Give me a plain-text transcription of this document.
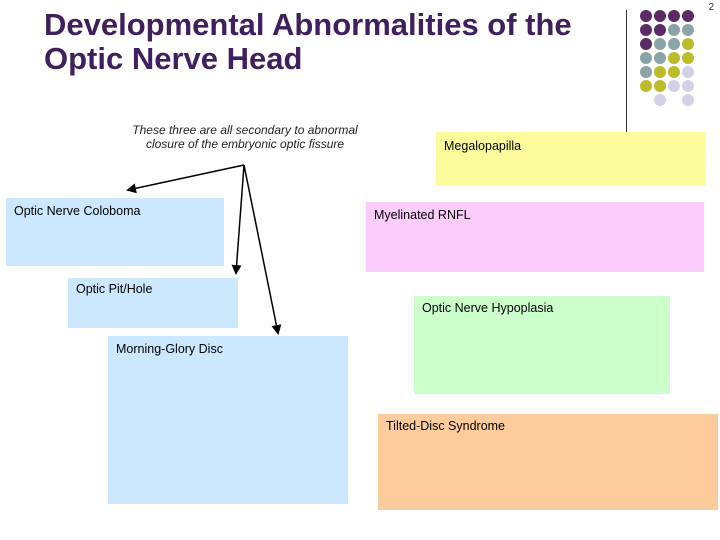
Developmental Abnormalities of the
Optic Nerve Head
2
These three are all secondary to abnormal
closure of the embryonic optic fissure
Optic Nerve Coloboma
Optic Pit/Hole
Morning-Glory Disc
Megalopapilla
Myelinated RNFL
Optic Nerve Hypoplasia
Tilted-Disc Syndrome
